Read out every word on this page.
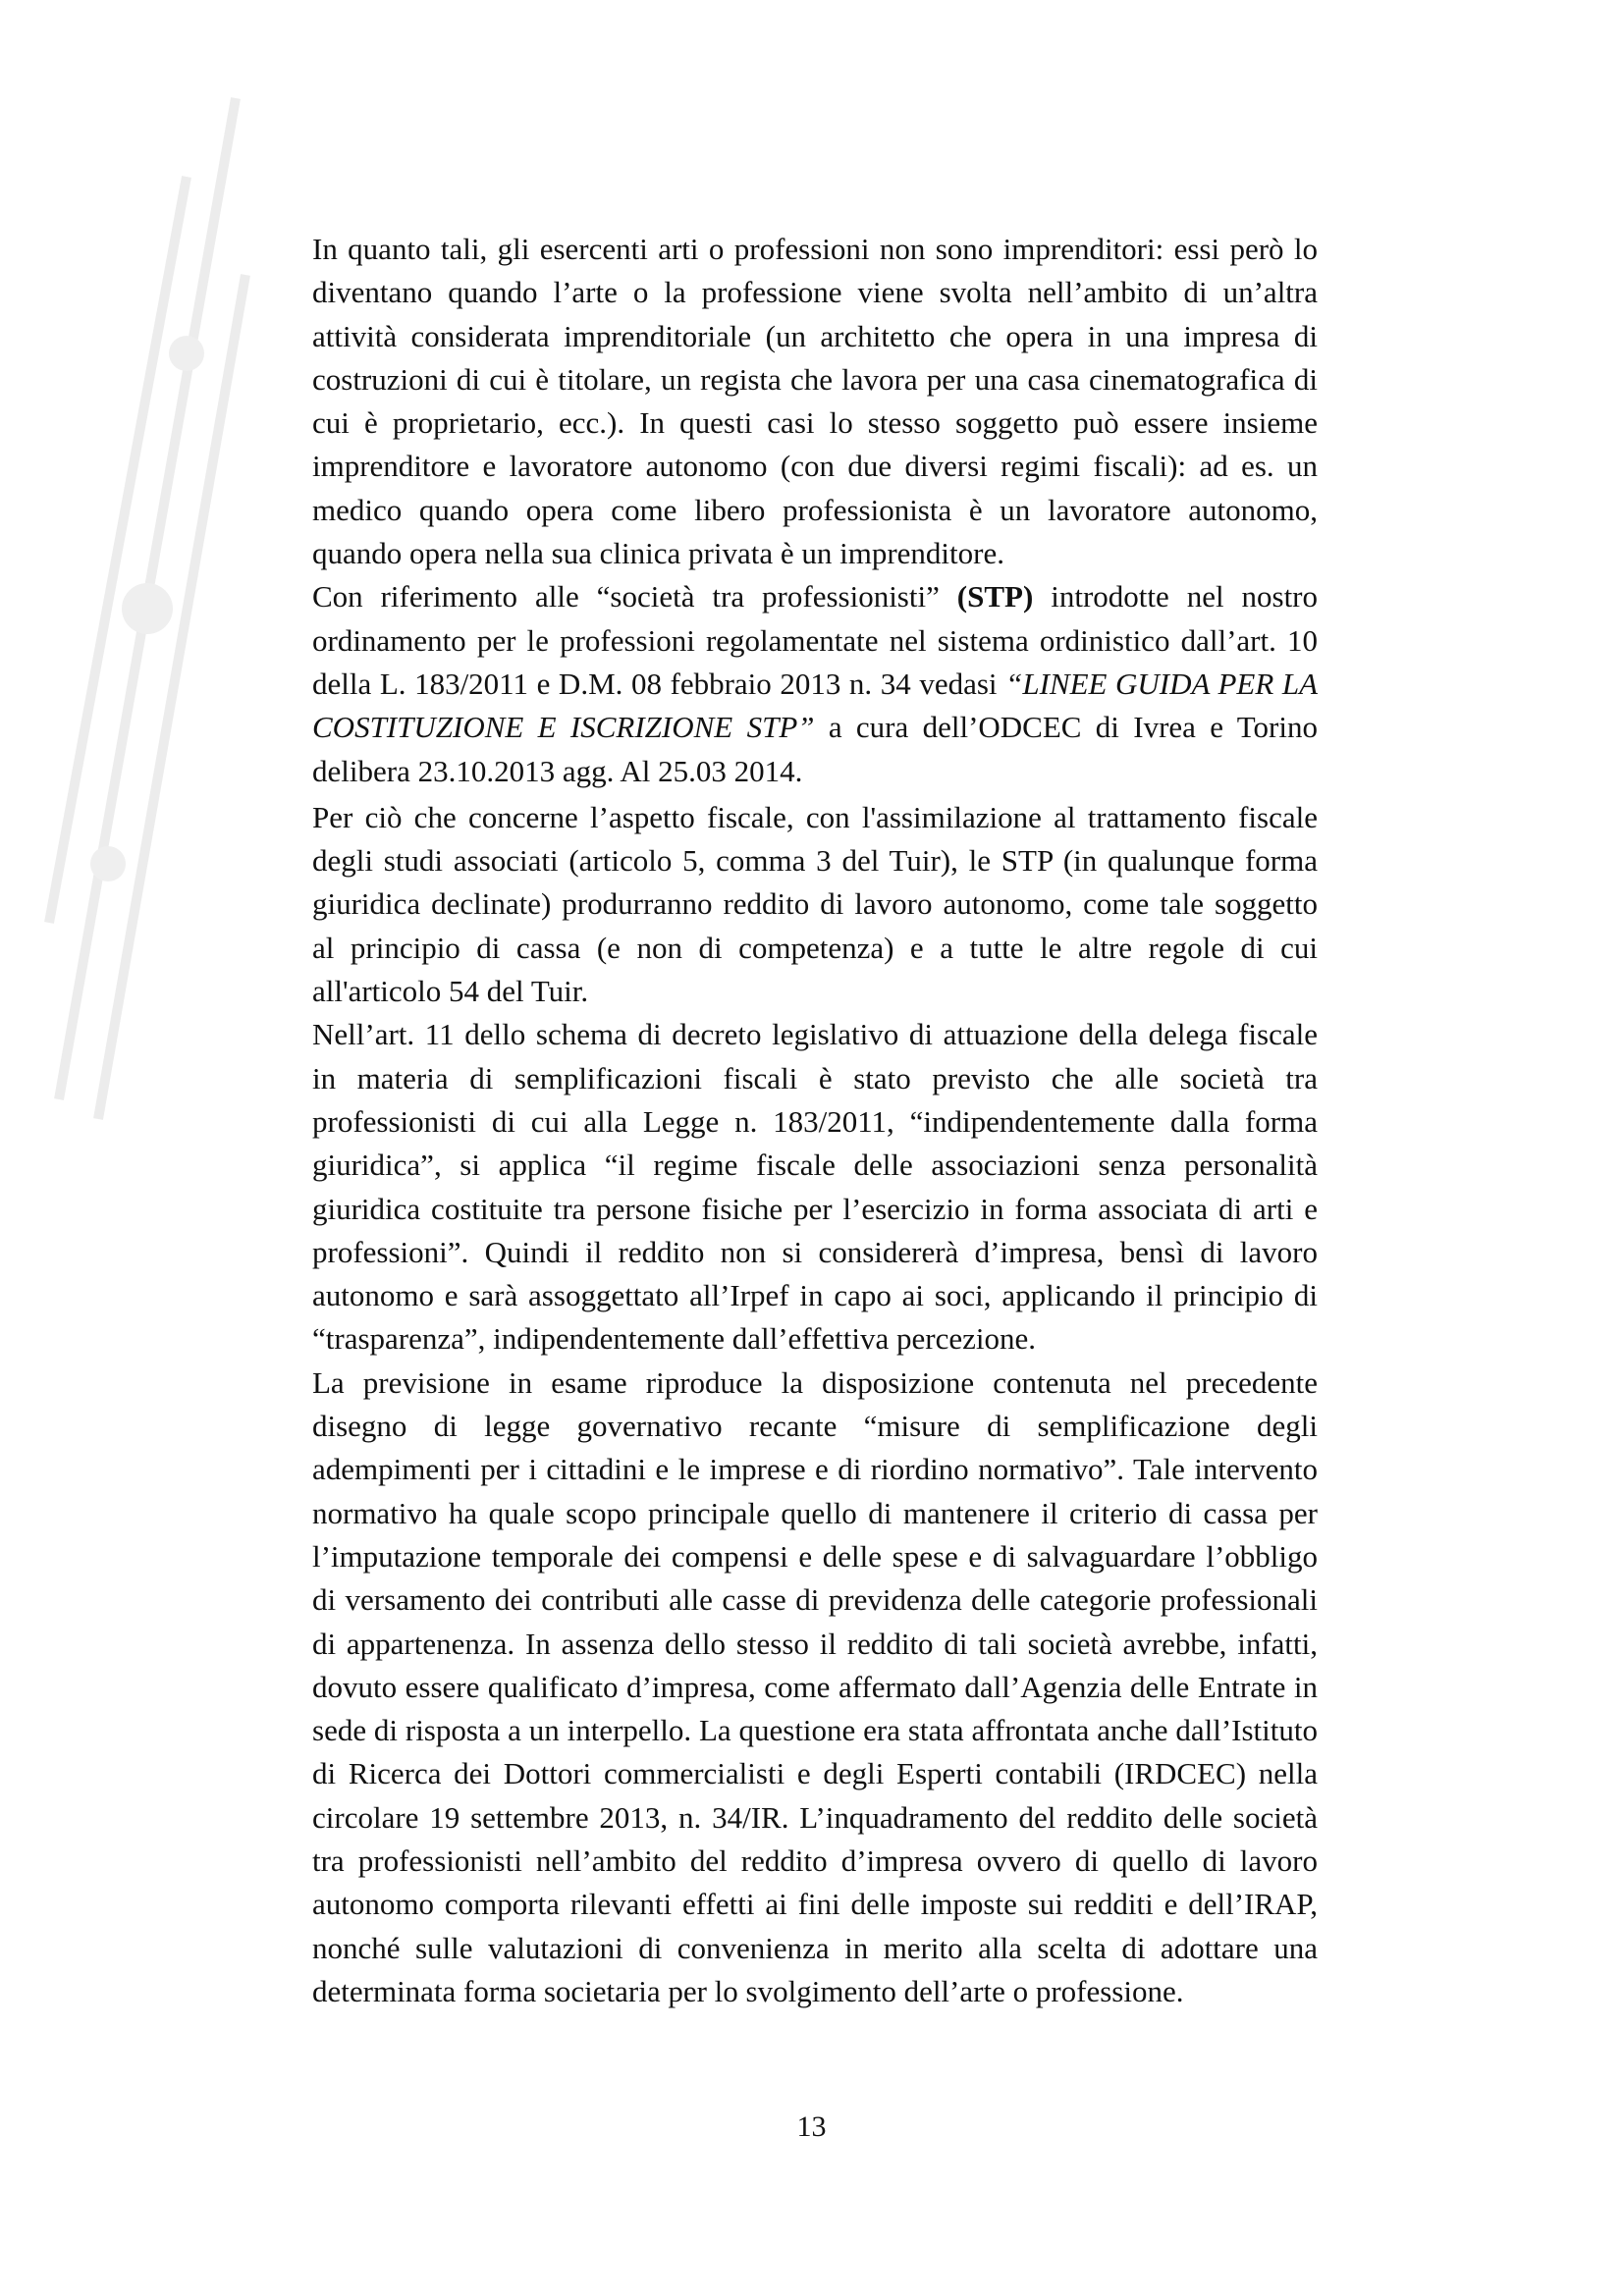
In quanto tali, gli esercenti arti o professioni non sono imprenditori: essi però lo diventano quando l’arte o la professione viene svolta nell’ambito di un’altra attività considerata imprenditoriale (un architetto che opera in una impresa di costruzioni di cui è titolare, un regista che lavora per una casa cinematografica di cui è proprietario, ecc.). In questi casi lo stesso soggetto può essere insieme imprenditore e lavoratore autonomo (con due diversi regimi fiscali): ad es. un medico quando opera come libero professionista è un lavoratore autonomo, quando opera nella sua clinica privata è un imprenditore.

Con riferimento alle “società tra professionisti” (STP) introdotte nel nostro ordinamento per le professioni regolamentate nel sistema ordinistico dall’art. 10 della L. 183/2011 e D.M. 08 febbraio 2013 n. 34 vedasi “LINEE GUIDA PER LA COSTITUZIONE E ISCRIZIONE STP” a cura dell’ODCEC di Ivrea e Torino delibera 23.10.2013 agg. Al 25.03 2014.

Per ciò che concerne l’aspetto fiscale, con l'assimilazione al trattamento fiscale degli studi associati (articolo 5, comma 3 del Tuir), le STP (in qualunque forma giuridica declinate) produrranno reddito di lavoro autonomo, come tale soggetto al principio di cassa (e non di competenza) e a tutte le altre regole di cui all'articolo 54 del Tuir.

Nell’art. 11 dello schema di decreto legislativo di attuazione della delega fiscale in materia di semplificazioni fiscali è stato previsto che alle società tra professionisti di cui alla Legge n. 183/2011, “indipendentemente dalla forma giuridica”, si applica “il regime fiscale delle associazioni senza personalità giuridica costituite tra persone fisiche per l’esercizio in forma associata di arti e professioni”. Quindi il reddito non si considererà d’impresa, bensì di lavoro autonomo e sarà assoggettato all’Irpef in capo ai soci, applicando il principio di “trasparenza”, indipendentemente dall’effettiva percezione.

La previsione in esame riproduce la disposizione contenuta nel precedente disegno di legge governativo recante “misure di semplificazione degli adempimenti per i cittadini e le imprese e di riordino normativo”. Tale intervento normativo ha quale scopo principale quello di mantenere il criterio di cassa per l’imputazione temporale dei compensi e delle spese e di salvaguardare l’obbligo di versamento dei contributi alle casse di previdenza delle categorie professionali di appartenenza. In assenza dello stesso il reddito di tali società avrebbe, infatti, dovuto essere qualificato d’impresa, come affermato dall’Agenzia delle Entrate in sede di risposta a un interpello. La questione era stata affrontata anche dall’Istituto di Ricerca dei Dottori commercialisti e degli Esperti contabili (IRDCEC) nella circolare 19 settembre 2013, n. 34/IR. L’inquadramento del reddito delle società tra professionisti nell’ambito del reddito d’impresa ovvero di quello di lavoro autonomo comporta rilevanti effetti ai fini delle imposte sui redditi e dell’IRAP, nonché sulle valutazioni di convenienza in merito alla scelta di adottare una determinata forma societaria per lo svolgimento dell’arte o professione.

13
